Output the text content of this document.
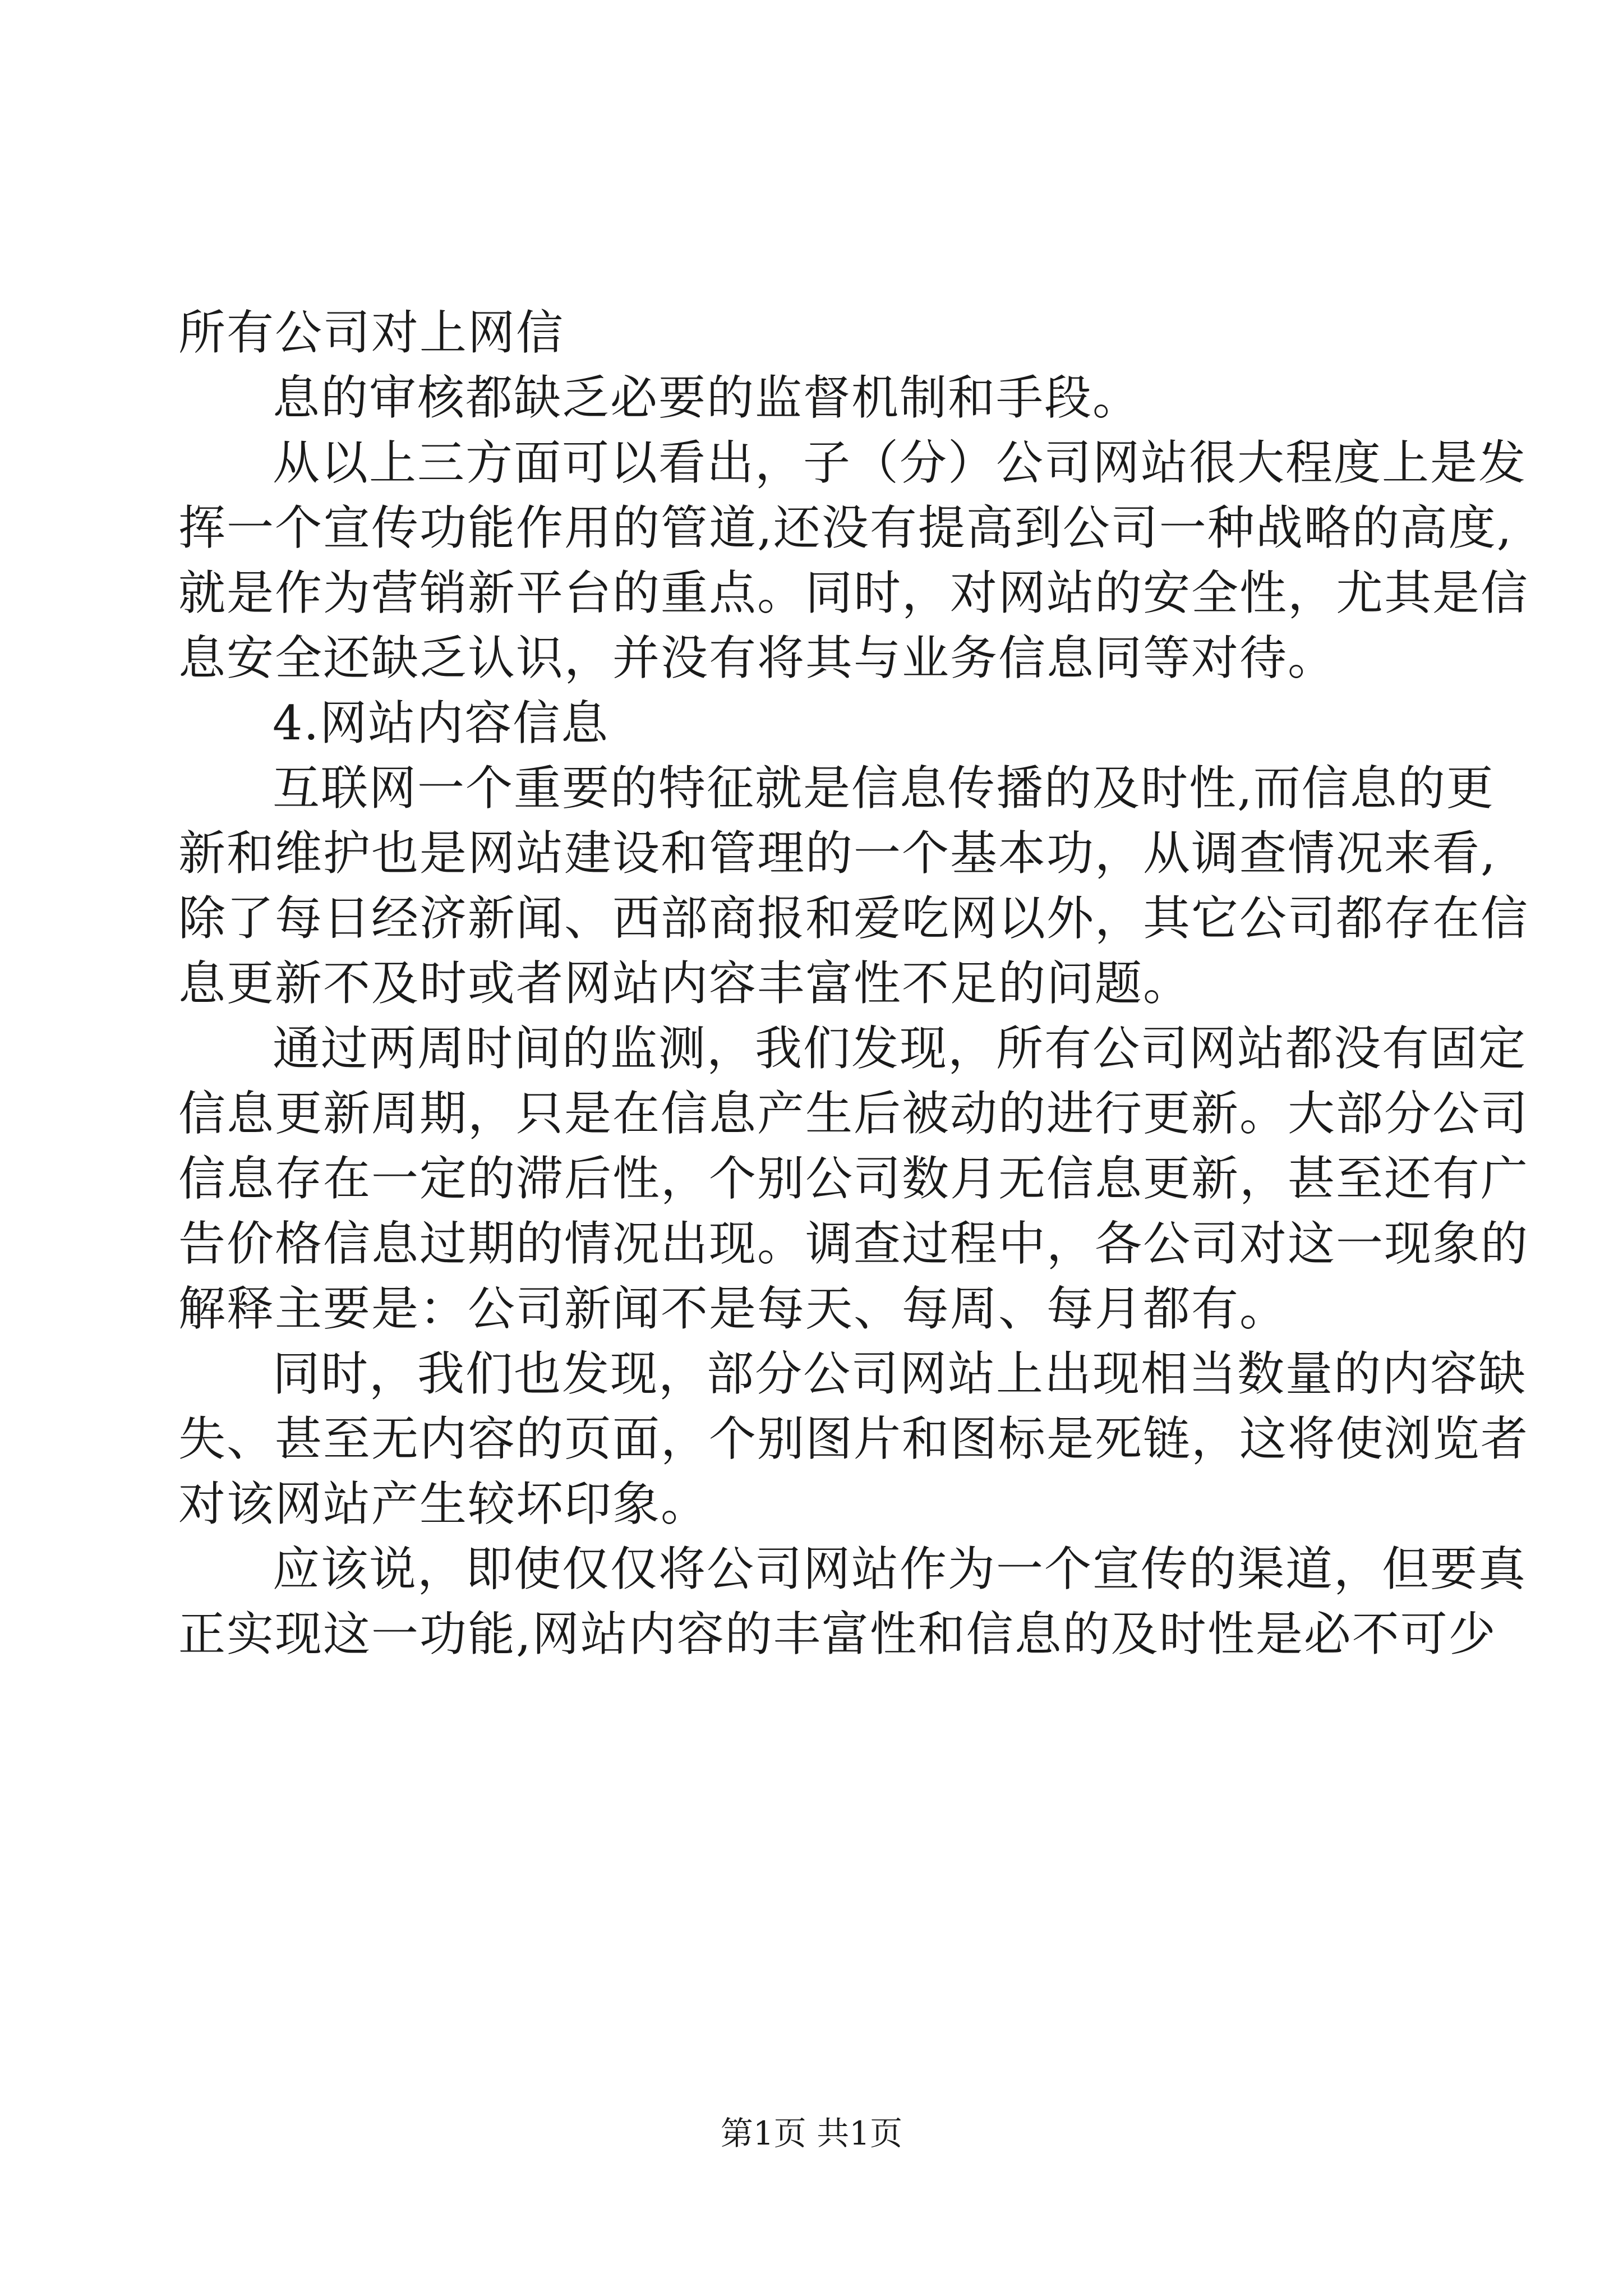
所有公司对上网信

息的审核都缺乏必要的监督机制和手段。

从以上三方面可以看出，子（分）公司网站很大程度上是发

挥一个宣传功能作用的管道,还没有提高到公司一种战略的高度,

就是作为营销新平台的重点。同时，对网站的安全性，尤其是信

息安全还缺乏认识，并没有将其与业务信息同等对待。

4.网站内容信息

互联网一个重要的特征就是信息传播的及时性,而信息的更

新和维护也是网站建设和管理的一个基本功，从调查情况来看,

除了每日经济新闻、西部商报和爱吃网以外，其它公司都存在信

息更新不及时或者网站内容丰富性不足的问题。

通过两周时间的监测，我们发现，所有公司网站都没有固定

信息更新周期，只是在信息产生后被动的进行更新。大部分公司

信息存在一定的滞后性，个别公司数月无信息更新，甚至还有广

告价格信息过期的情况出现。调查过程中，各公司对这一现象的

解释主要是：公司新闻不是每天、每周、每月都有。

同时，我们也发现，部分公司网站上出现相当数量的内容缺

失、甚至无内容的页面，个别图片和图标是死链，这将使浏览者

对该网站产生较坏印象。

应该说，即使仅仅将公司网站作为一个宣传的渠道，但要真

正实现这一功能,网站内容的丰富性和信息的及时性是必不可少

第1页 共1页
